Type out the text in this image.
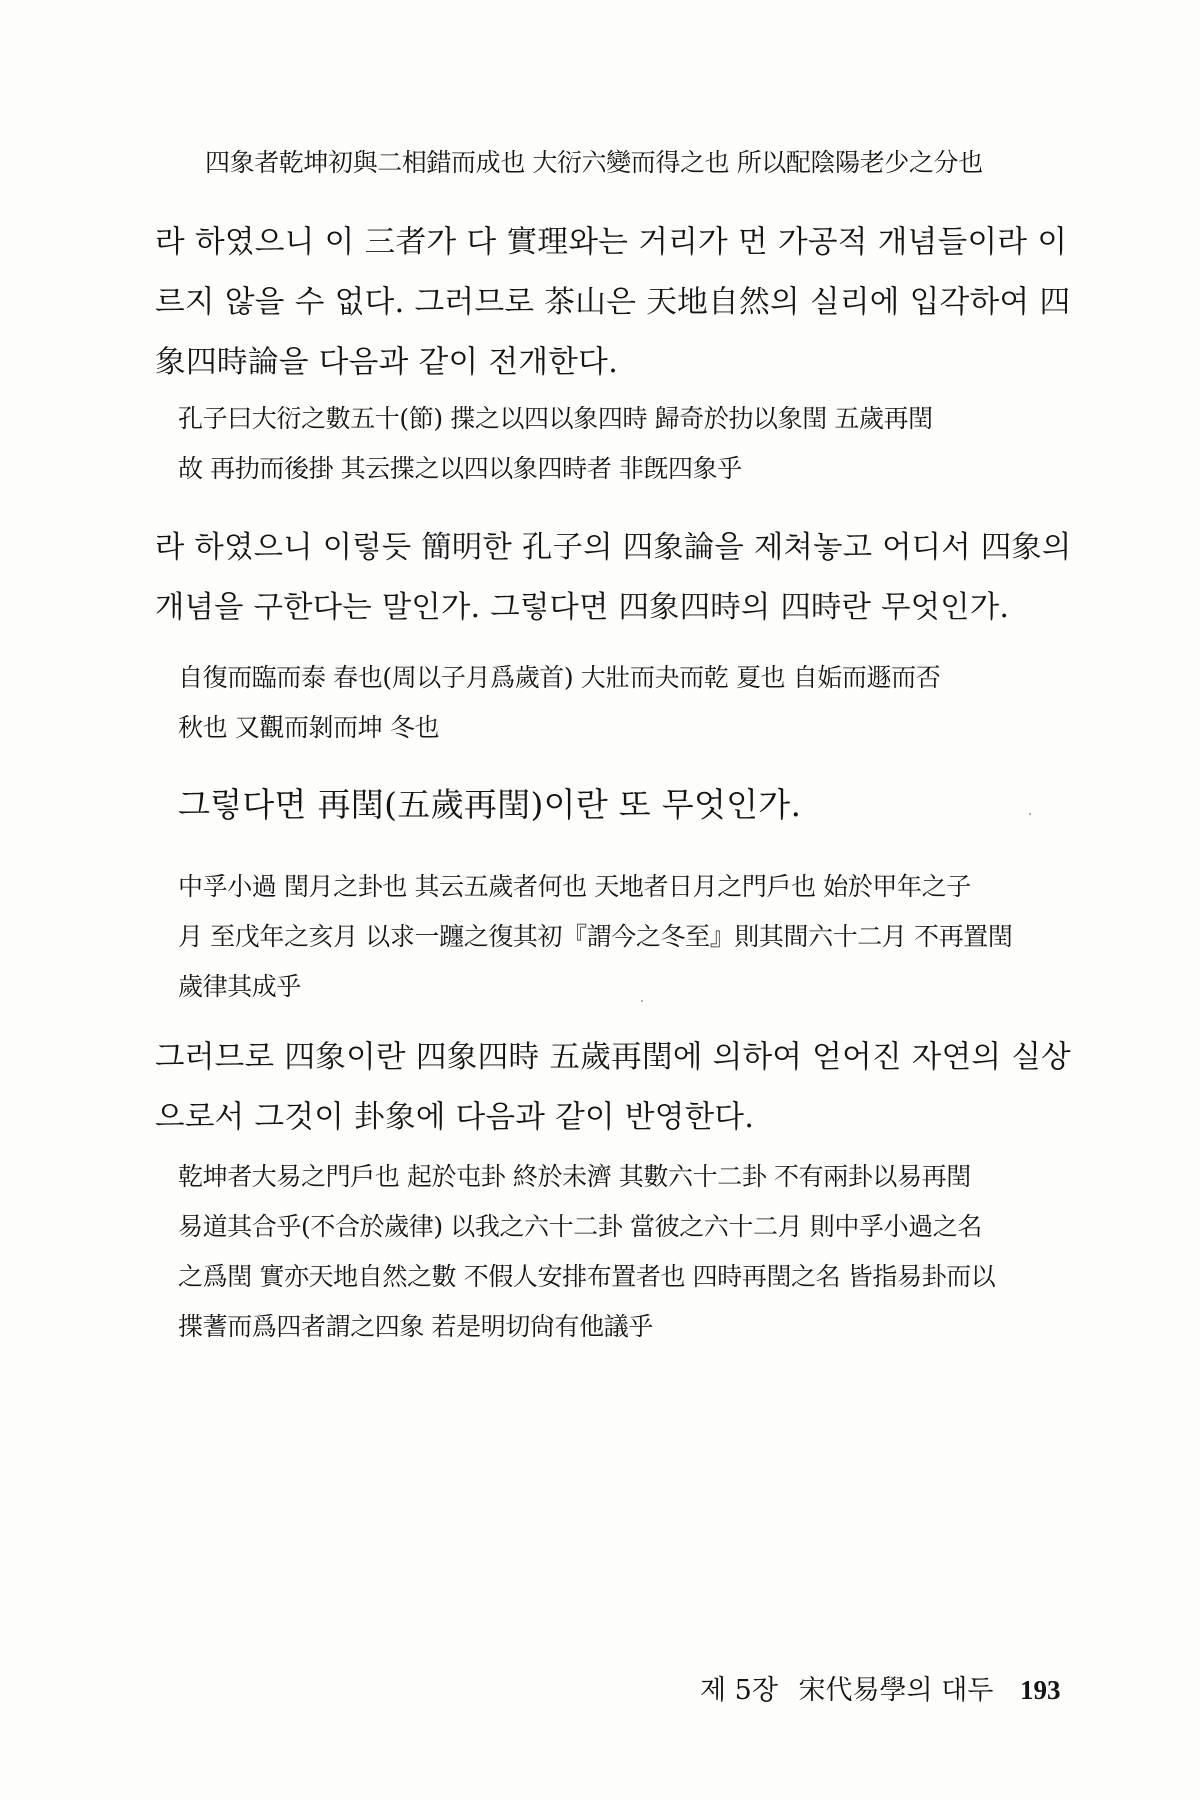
四象者乾坤初與二相錯而成也 大衍六變而得之也 所以配陰陽老少之分也

라 하였으니 이 三者가 다 實理와는 거리가 먼 가공적 개념들이라 이
르지 않을 수 없다. 그러므로 茶山은 天地自然의 실리에 입각하여 四
象四時論을 다음과 같이 전개한다.

孔子曰大衍之數五十(節) 揲之以四以象四時 歸奇於扐以象閏 五歲再閏
故 再扐而後掛 其云揲之以四以象四時者 非旣四象乎

라 하였으니 이렇듯 簡明한 孔子의 四象論을 제쳐놓고 어디서 四象의
개념을 구한다는 말인가. 그렇다면 四象四時의 四時란 무엇인가.

自復而臨而泰 春也(周以子月爲歲首) 大壯而夬而乾 夏也 自姤而遯而否
秋也 又觀而剝而坤 冬也

그렇다면 再閏(五歲再閏)이란 또 무엇인가.

中孚小過 閏月之卦也 其云五歲者何也 天地者日月之門戶也 始於甲年之子
月 至戊年之亥月 以求一躔之復其初『謂今之冬至』則其間六十二月 不再置閏
歲律其成乎

그러므로 四象이란 四象四時 五歲再閏에 의하여 얻어진 자연의 실상
으로서 그것이 卦象에 다음과 같이 반영한다.

乾坤者大易之門戶也 起於屯卦 終於未濟 其數六十二卦 不有兩卦以易再閏
易道其合乎(不合於歲律) 以我之六十二卦 當彼之六十二月 則中孚小過之名
之爲閏 實亦天地自然之數 不假人安排布置者也 四時再閏之名 皆指易卦而以
揲蓍而爲四者謂之四象 若是明切尙有他議乎

제 5장 宋代易學의 대두 193
